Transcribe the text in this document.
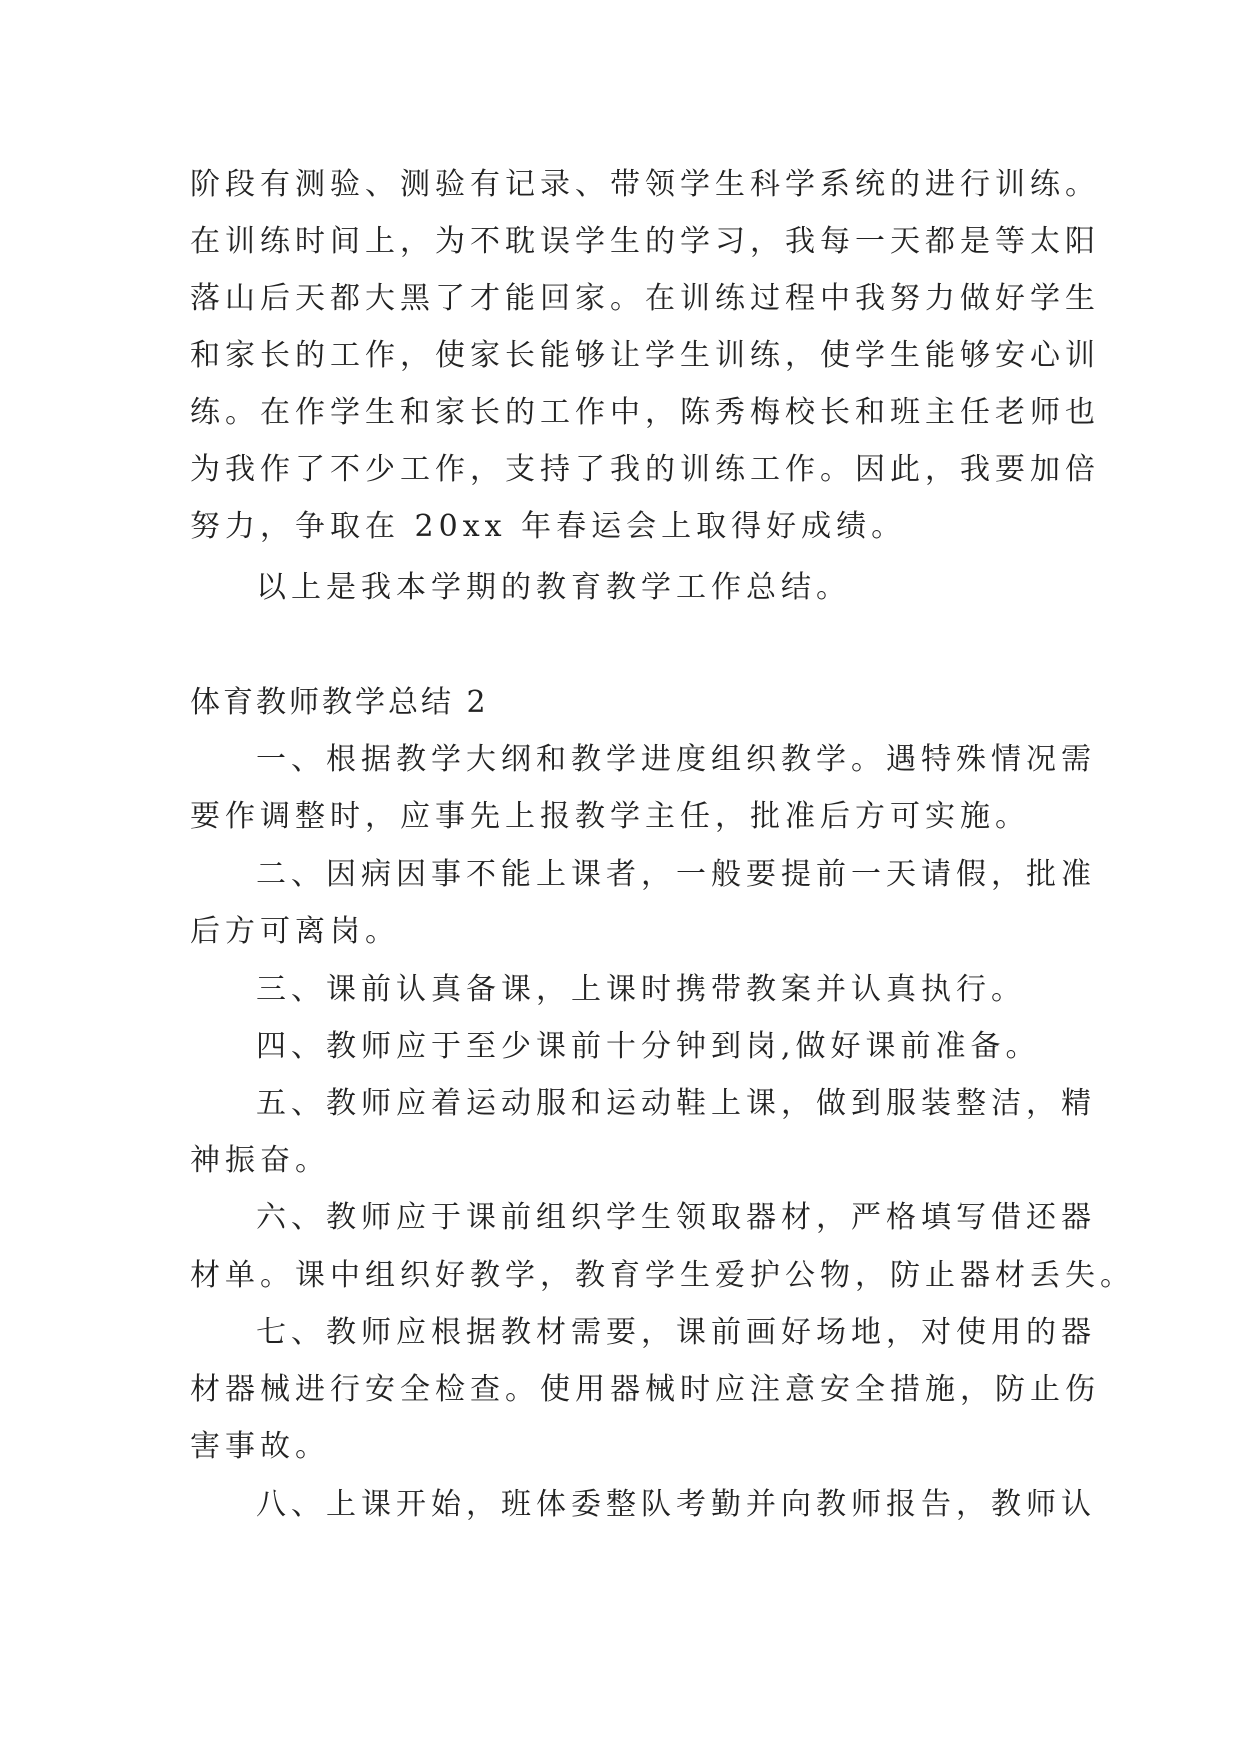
阶段有测验、测验有记录、带领学生科学系统的进行训练。
在训练时间上，为不耽误学生的学习，我每一天都是等太阳
落山后天都大黑了才能回家。在训练过程中我努力做好学生
和家长的工作，使家长能够让学生训练，使学生能够安心训
练。在作学生和家长的工作中，陈秀梅校长和班主任老师也
为我作了不少工作，支持了我的训练工作。因此，我要加倍
努力，争取在 20xx 年春运会上取得好成绩。
以上是我本学期的教育教学工作总结。
体育教师教学总结 2
一、根据教学大纲和教学进度组织教学。遇特殊情况需
要作调整时，应事先上报教学主任，批准后方可实施。
二、因病因事不能上课者，一般要提前一天请假，批准
后方可离岗。
三、课前认真备课，上课时携带教案并认真执行。
四、教师应于至少课前十分钟到岗,做好课前准备。
五、教师应着运动服和运动鞋上课，做到服装整洁，精
神振奋。
六、教师应于课前组织学生领取器材，严格填写借还器
材单。课中组织好教学，教育学生爱护公物，防止器材丢失。
七、教师应根据教材需要，课前画好场地，对使用的器
材器械进行安全检查。使用器械时应注意安全措施，防止伤
害事故。
八、上课开始，班体委整队考勤并向教师报告，教师认
